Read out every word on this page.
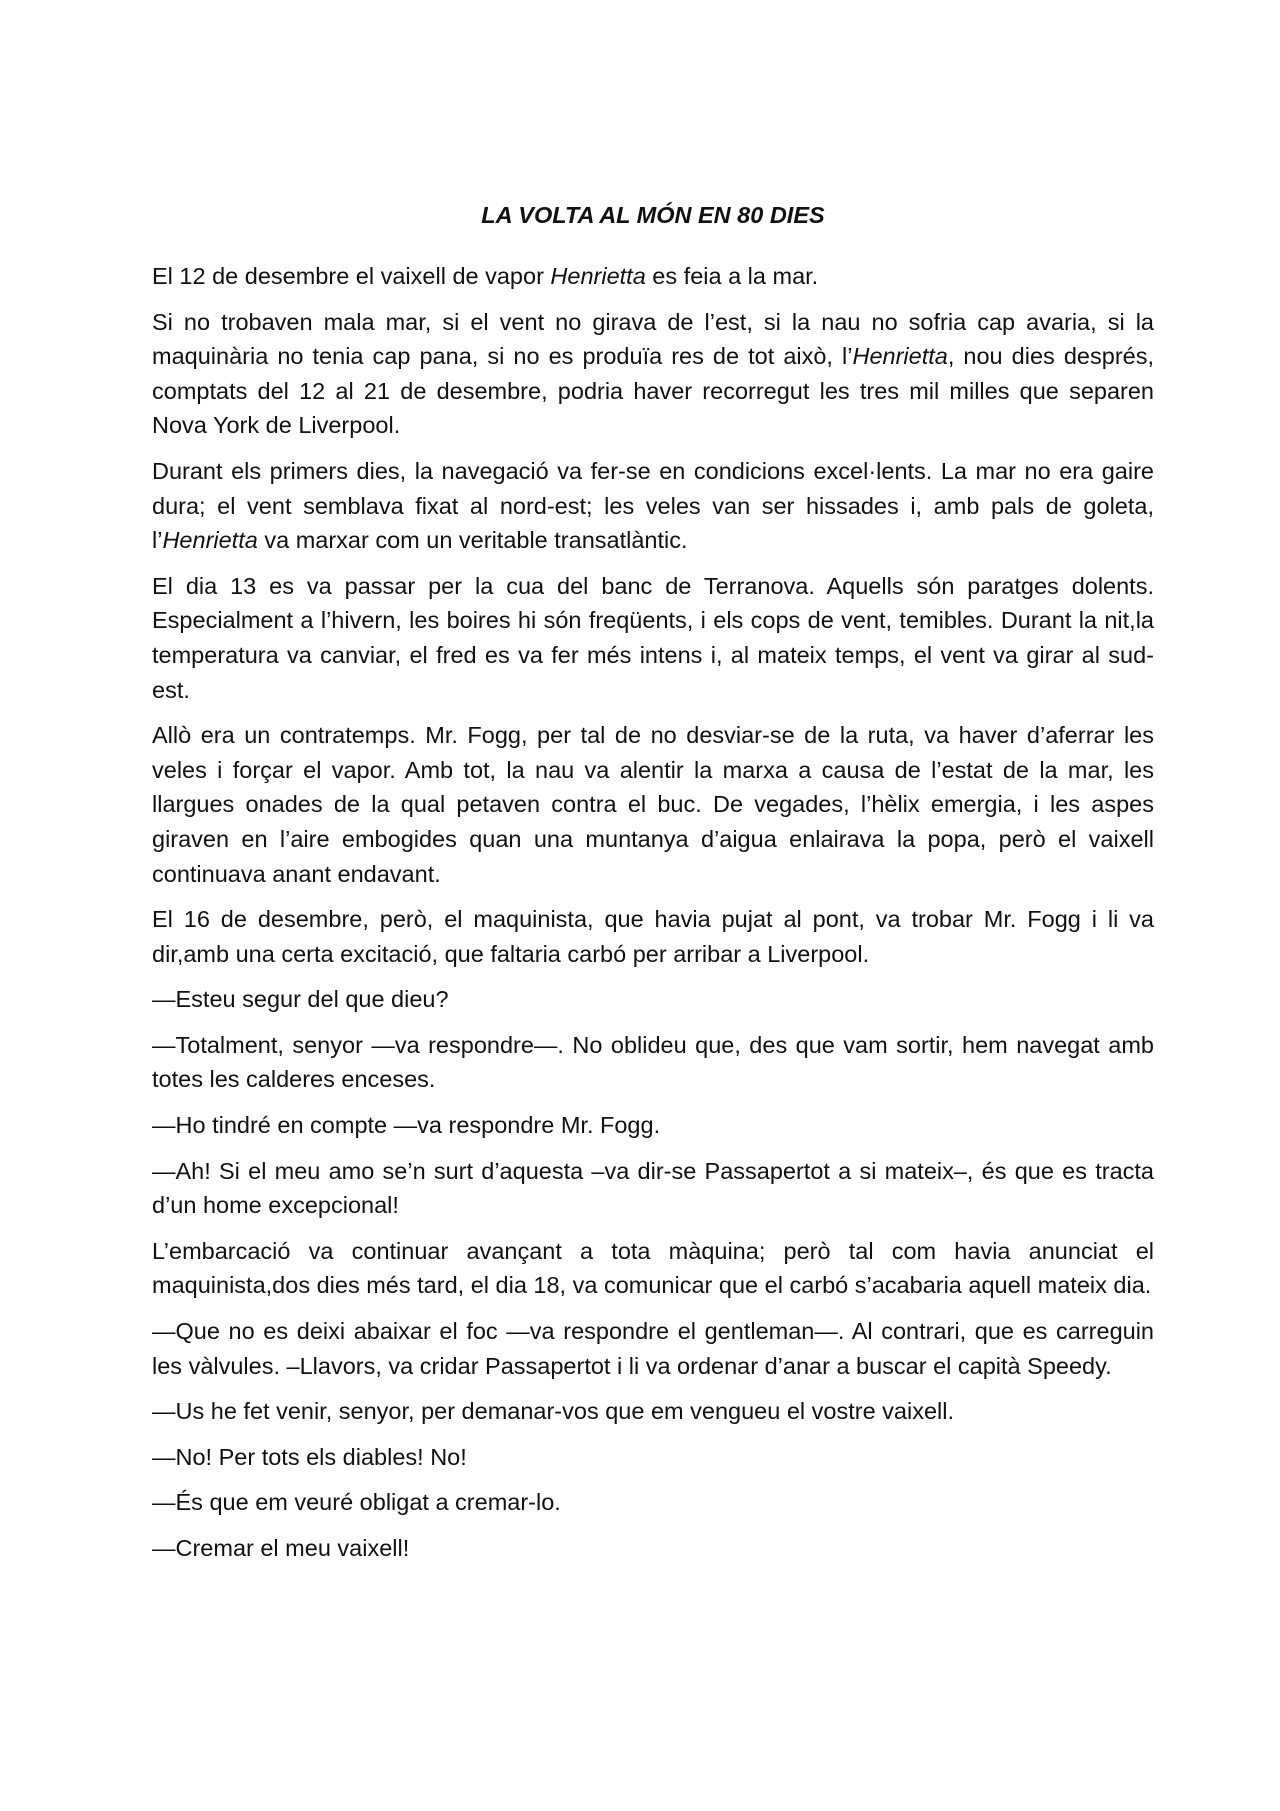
LA VOLTA AL MÓN EN 80 DIES

El 12 de desembre el vaixell de vapor Henrietta es feia a la mar.

Si no trobaven mala mar, si el vent no girava de l’est, si la nau no sofria cap avaria, si la maquinària no tenia cap pana, si no es produïa res de tot això, l’Henrietta, nou dies després, comptats del 12 al 21 de desembre, podria haver recorregut les tres mil milles que separen Nova York de Liverpool.

Durant els primers dies, la navegació va fer-se en condicions excel·lents. La mar no era gaire dura; el vent semblava fixat al nord-est; les veles van ser hissades i, amb pals de goleta, l’Henrietta va marxar com un veritable transatlàntic.

El dia 13 es va passar per la cua del banc de Terranova. Aquells són paratges dolents. Especialment a l’hivern, les boires hi són freqüents, i els cops de vent, temibles. Durant la nit,la temperatura va canviar, el fred es va fer més intens i, al mateix temps, el vent va girar al sud-est.

Allò era un contratemps. Mr. Fogg, per tal de no desviar-se de la ruta, va haver d’aferrar les veles i forçar el vapor. Amb tot, la nau va alentir la marxa a causa de l’estat de la mar, les llargues onades de la qual petaven contra el buc. De vegades, l’hèlix emergia, i les aspes giraven en l’aire embogides quan una muntanya d’aigua enlairava la popa, però el vaixell continuava anant endavant.

El 16 de desembre, però, el maquinista, que havia pujat al pont, va trobar Mr. Fogg i li va dir,amb una certa excitació, que faltaria carbó per arribar a Liverpool.

—Esteu segur del que dieu?

—Totalment, senyor —va respondre—. No oblideu que, des que vam sortir, hem navegat amb totes les calderes enceses.

—Ho tindré en compte —va respondre Mr. Fogg.

—Ah! Si el meu amo se’n surt d’aquesta –va dir-se Passapertot a si mateix–, és que es tracta d’un home excepcional!

L’embarcació va continuar avançant a tota màquina; però tal com havia anunciat el maquinista,dos dies més tard, el dia 18, va comunicar que el carbó s’acabaria aquell mateix dia.

—Que no es deixi abaixar el foc —va respondre el gentleman—. Al contrari, que es carreguin les vàlvules. –Llavors, va cridar Passapertot i li va ordenar d’anar a buscar el capità Speedy.

—Us he fet venir, senyor, per demanar-vos que em vengueu el vostre vaixell.

—No! Per tots els diables! No!

—És que em veuré obligat a cremar-lo.

—Cremar el meu vaixell!
